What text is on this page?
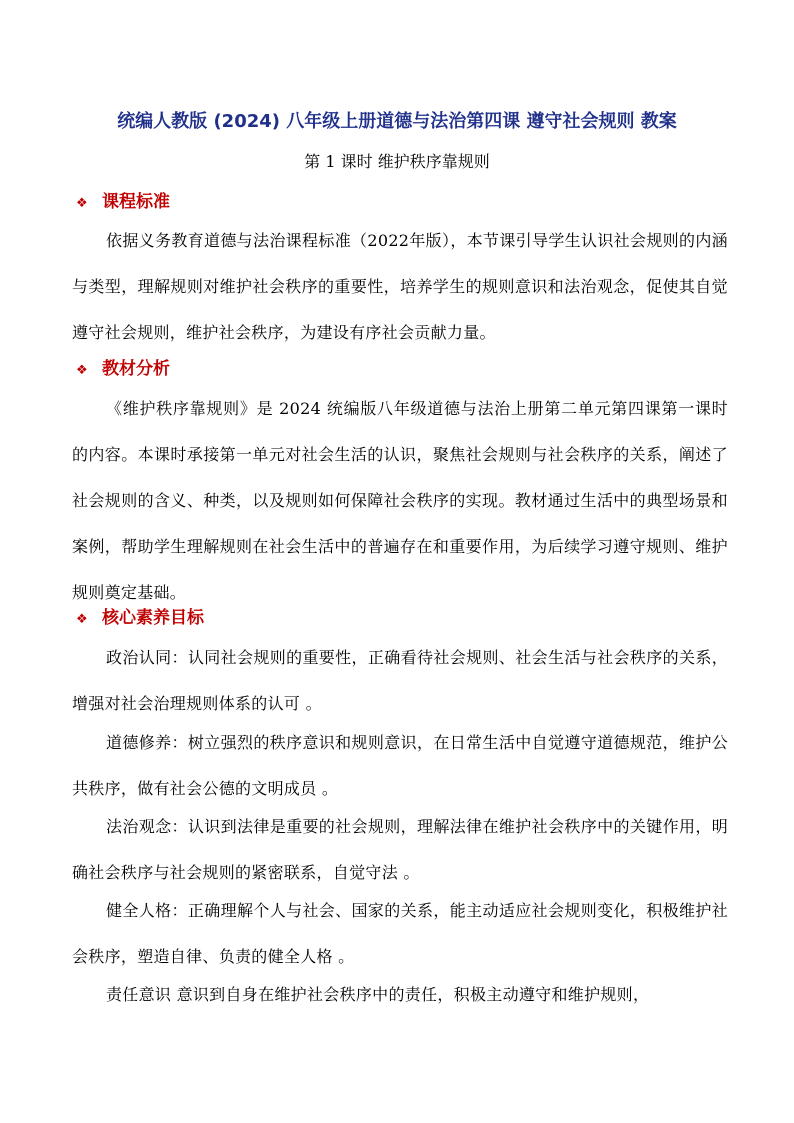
统编人教版 (2024) 八年级上册道德与法治第四课 遵守社会规则 教案
第 1 课时 维护秩序靠规则
❖ 课程标准
依据义务教育道德与法治课程标准（2022年版），本节课引导学生认识社会规则的内涵与类型，理解规则对维护社会秩序的重要性，培养学生的规则意识和法治观念，促使其自觉遵守社会规则，维护社会秩序，为建设有序社会贡献力量。
❖ 教材分析
《维护秩序靠规则》是 2024 统编版八年级道德与法治上册第二单元第四课第一课时的内容。本课时承接第一单元对社会生活的认识，聚焦社会规则与社会秩序的关系，阐述了社会规则的含义、种类，以及规则如何保障社会秩序的实现。教材通过生活中的典型场景和案例，帮助学生理解规则在社会生活中的普遍存在和重要作用，为后续学习遵守规则、维护规则奠定基础。
❖ 核心素养目标
政治认同：认同社会规则的重要性，正确看待社会规则、社会生活与社会秩序的关系，增强对社会治理规则体系的认可 。
道德修养：树立强烈的秩序意识和规则意识，在日常生活中自觉遵守道德规范，维护公共秩序，做有社会公德的文明成员 。
法治观念：认识到法律是重要的社会规则，理解法律在维护社会秩序中的关键作用，明确社会秩序与社会规则的紧密联系，自觉守法 。
健全人格：正确理解个人与社会、国家的关系，能主动适应社会规则变化，积极维护社会秩序，塑造自律、负责的健全人格 。
责任意识 意识到自身在维护社会秩序中的责任，积极主动遵守和维护规则，
